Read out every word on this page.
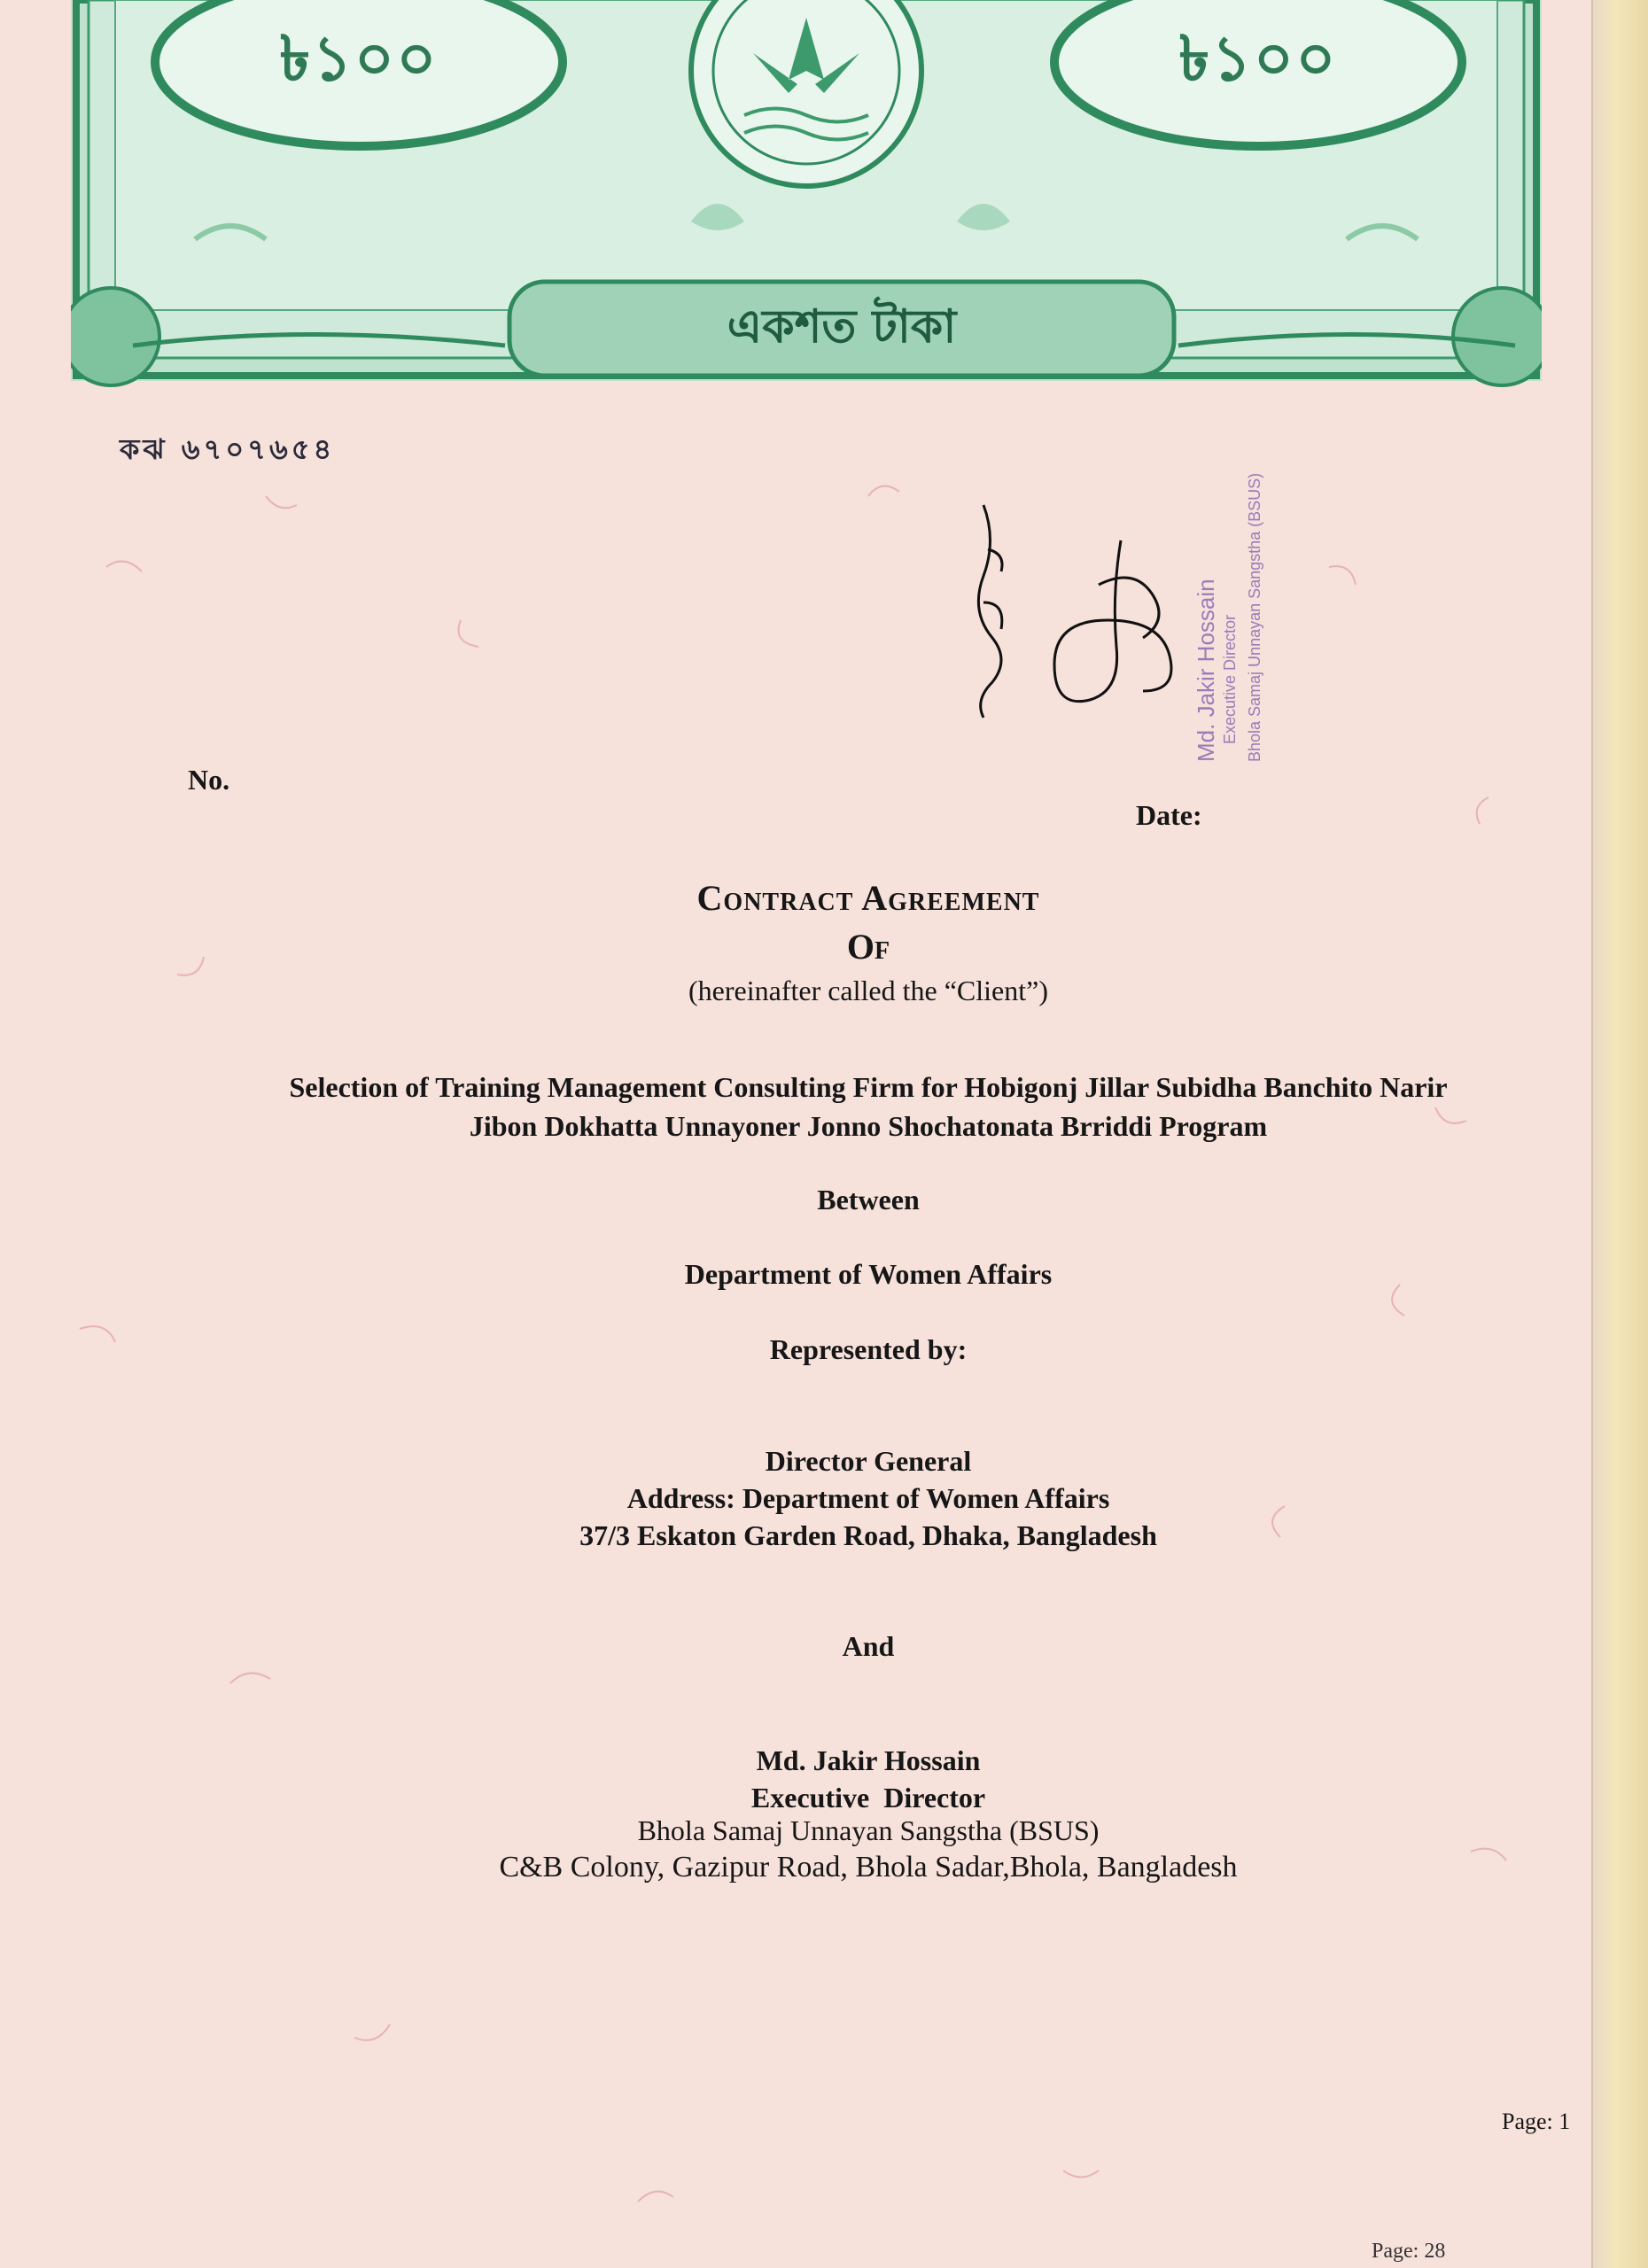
৳১০০	৳১০০
একশত টাকা
কঝ ৬৭০৭৬৫৪
Md. Jakir Hossain Executive Director Bhola Samaj Unnayan Sangstha (BSUS)
No.
Date:
Contract Agreement
Of
(hereinafter called the “Client”)
Selection of Training Management Consulting Firm for Hobigonj Jillar Subidha Banchito Narir
Jibon Dokhatta Unnayoner Jonno Shochatonata Brriddi Program
Between
Department of Women Affairs
Represented by:
Director General
Address: Department of Women Affairs
37/3 Eskaton Garden Road, Dhaka, Bangladesh
And
Md. Jakir Hossain
Executive  Director
Bhola Samaj Unnayan Sangstha (BSUS)
C&B Colony, Gazipur Road, Bhola Sadar,Bhola, Bangladesh
Page: 1
Page: 28
